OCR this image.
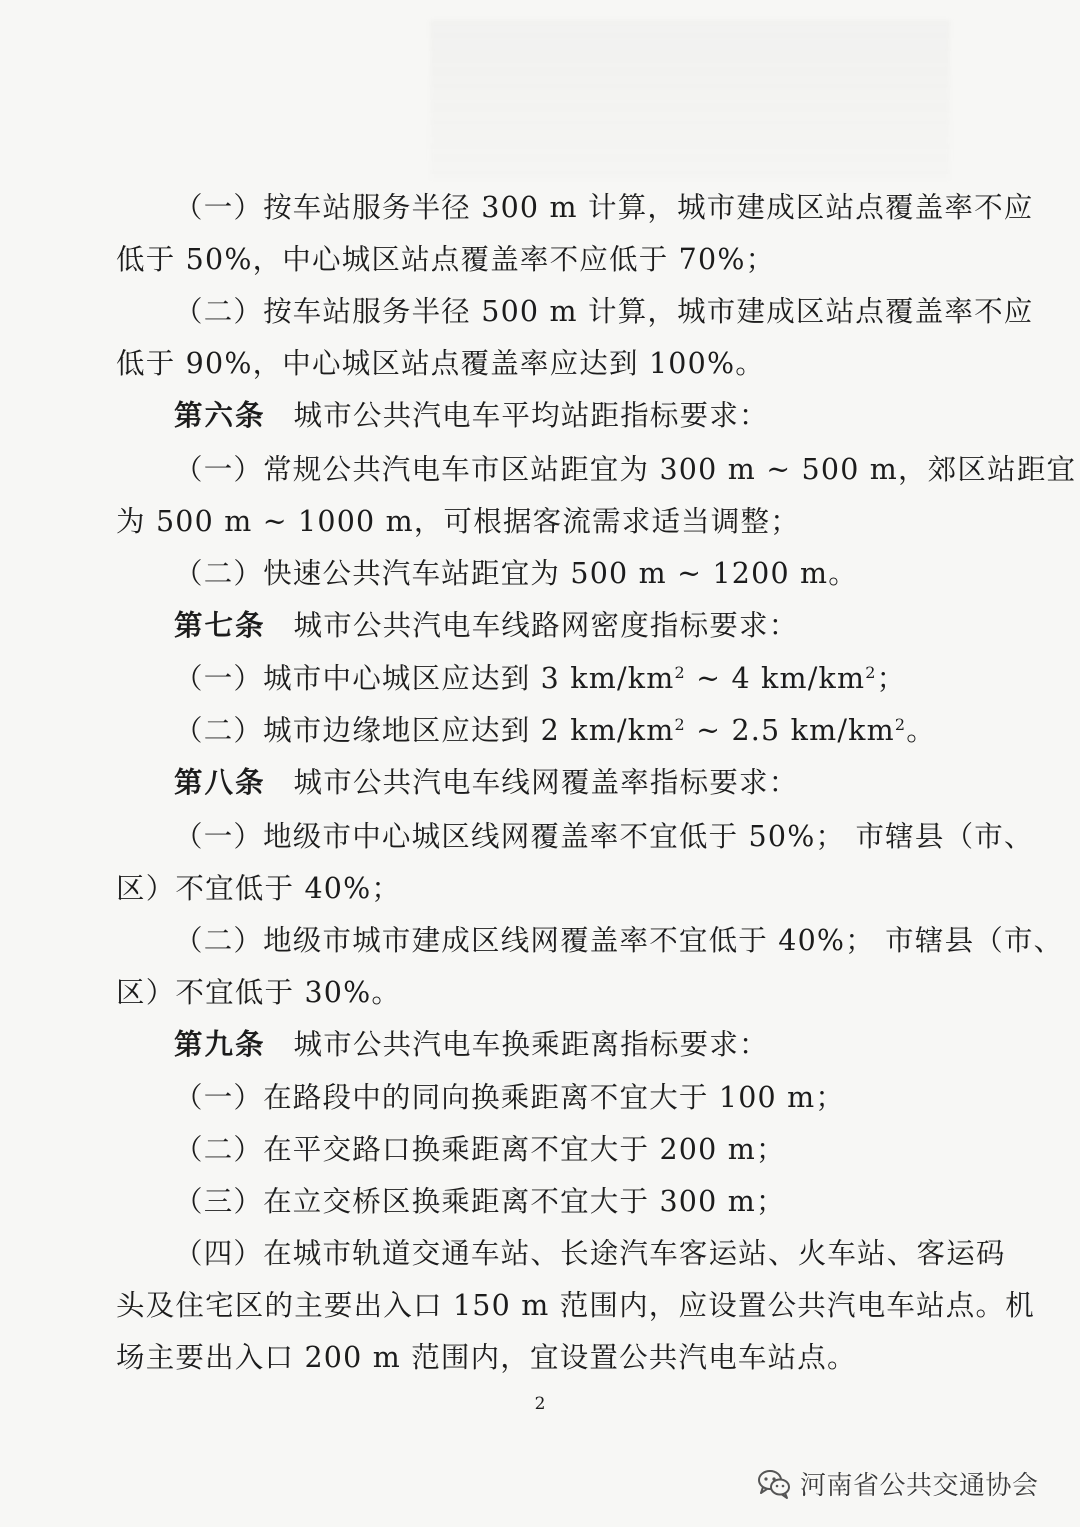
（一）按车站服务半径 300 m 计算，城市建成区站点覆盖率不应
低于 50%，中心城区站点覆盖率不应低于 70%；
（二）按车站服务半径 500 m 计算，城市建成区站点覆盖率不应
低于 90%，中心城区站点覆盖率应达到 100%。
第六条 城市公共汽电车平均站距指标要求：
（一）常规公共汽电车市区站距宜为 300 m ~ 500 m，郊区站距宜
为 500 m ~ 1000 m，可根据客流需求适当调整；
（二）快速公共汽车站距宜为 500 m ~ 1200 m。
第七条 城市公共汽电车线路网密度指标要求：
（一）城市中心城区应达到 3 $km/km^2$ ~ 4 $km/km^2$；
（二）城市边缘地区应达到 2 $km/km^2$ ~ 2.5 $km/km^2$。
第八条 城市公共汽电车线网覆盖率指标要求：
（一）地级市中心城区线网覆盖率不宜低于 50%； 市辖县（市、
区）不宜低于 40%；
（二）地级市城市建成区线网覆盖率不宜低于 40%； 市辖县（市、
区）不宜低于 30%。
第九条 城市公共汽电车换乘距离指标要求：
（一）在路段中的同向换乘距离不宜大于 100 m；
（二）在平交路口换乘距离不宜大于 200 m；
（三）在立交桥区换乘距离不宜大于 300 m；
（四）在城市轨道交通车站、长途汽车客运站、火车站、客运码
头及住宅区的主要出入口 150 m 范围内，应设置公共汽电车站点。机
场主要出入口 200 m 范围内，宜设置公共汽电车站点。
2
河南省公共交通协会
